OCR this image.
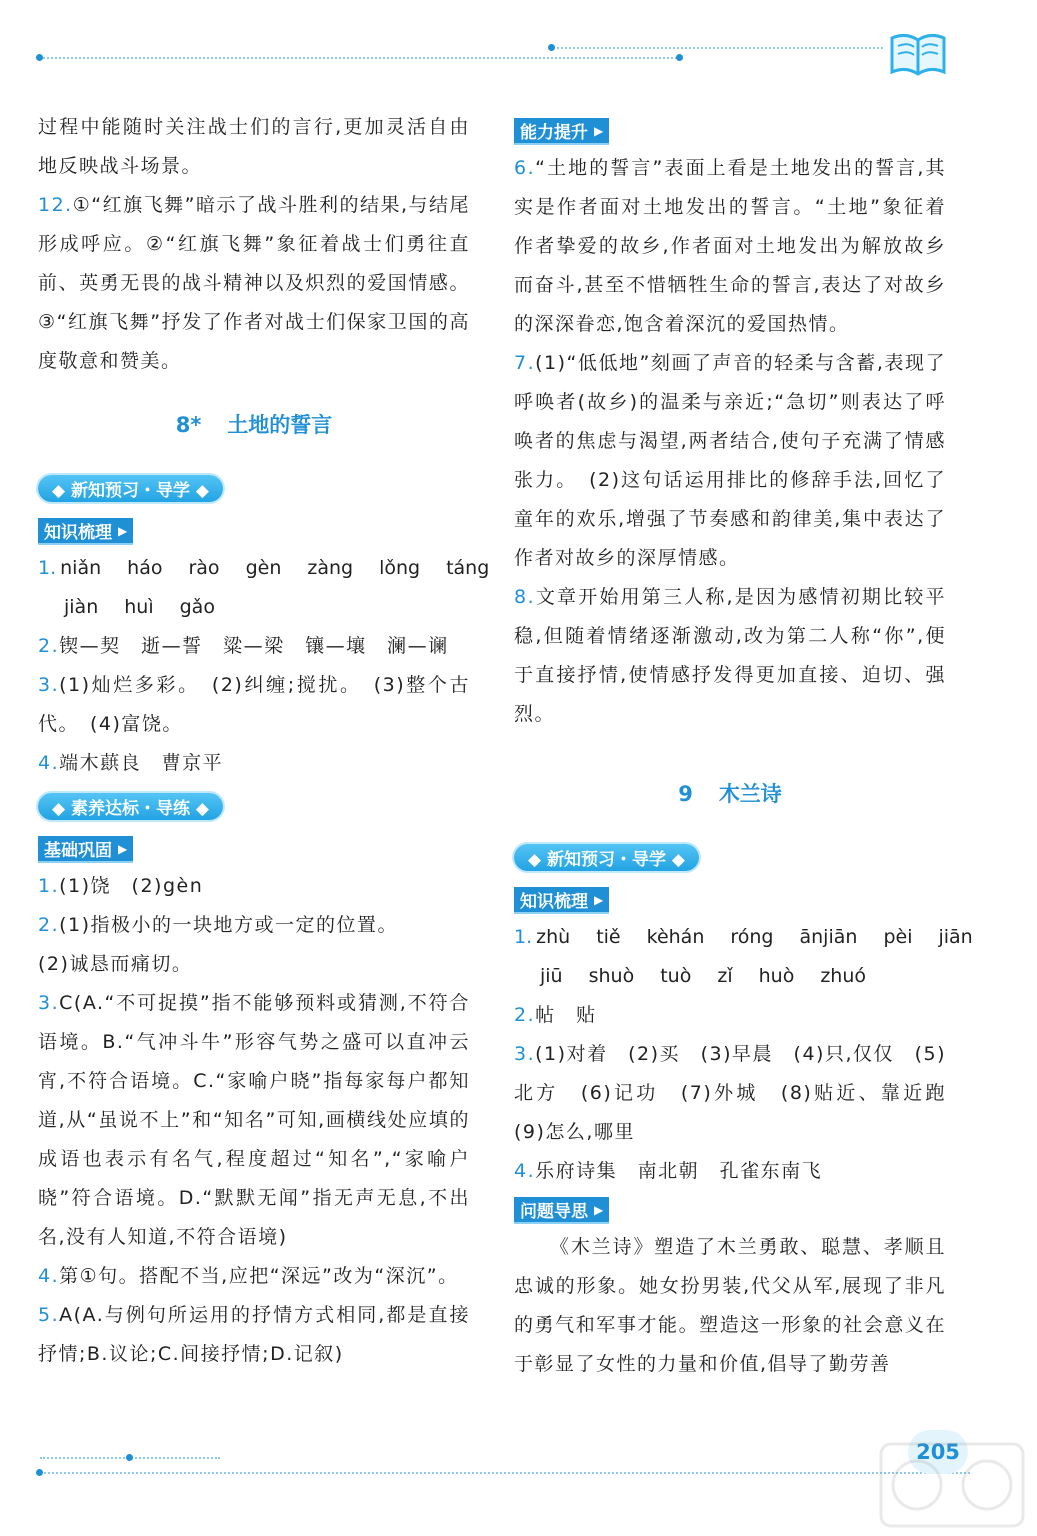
过程中能随时关注战士们的言行,更加灵活自由地反映战斗场景。

12.①“红旗飞舞”暗示了战斗胜利的结果,与结尾形成呼应。②“红旗飞舞”象征着战士们勇往直前、英勇无畏的战斗精神以及炽烈的爱国情感。③“红旗飞舞”抒发了作者对战士们保家卫国的高度敬意和赞美。

8* 土地的誓言
◆ 新知预习・导学 ◆

知识梳理 ▶
1. niǎn háo rào gèn zàng lǒng táng
jiàn huì gǎo

2.锲—契　逝—誓　粱—梁　镶—壤　澜—谰

3.(1)灿烂多彩。　(2)纠缠;搅扰。　(3)整个古代。　(4)富饶。

4.端木蕻良　曹京平

◆ 素养达标・导练 ◆

基础巩固 ▶

1.(1)饶　(2)gèn

2.(1)指极小的一块地方或一定的位置。

(2)诚恳而痛切。

3.C(A.“不可捉摸”指不能够预料或猜测,不符合语境。B.“气冲斗牛”形容气势之盛可以直冲云宵,不符合语境。C.“家喻户晓”指每家每户都知道,从“虽说不上”和“知名”可知,画横线处应填的成语也表示有名气,程度超过“知名”,“家喻户晓”符合语境。D.“默默无闻”指无声无息,不出名,没有人知道,不符合语境)

4.第①句。搭配不当,应把“深远”改为“深沉”。

5.A(A.与例句所运用的抒情方式相同,都是直接抒情;B.议论;C.间接抒情;D.记叙)

能力提升 ▶

6.“土地的誓言”表面上看是土地发出的誓言,其实是作者面对土地发出的誓言。“土地”象征着作者挚爱的故乡,作者面对土地发出为解放故乡而奋斗,甚至不惜牺牲生命的誓言,表达了对故乡的深深眷恋,饱含着深沉的爱国热情。

7.(1)“低低地”刻画了声音的轻柔与含蓄,表现了呼唤者(故乡)的温柔与亲近;“急切”则表达了呼唤者的焦虑与渴望,两者结合,使句子充满了情感张力。　(2)这句话运用排比的修辞手法,回忆了童年的欢乐,增强了节奏感和韵律美,集中表达了作者对故乡的深厚情感。

8.文章开始用第三人称,是因为感情初期比较平稳,但随着情绪逐渐激动,改为第二人称“你”,便于直接抒情,使情感抒发得更加直接、迫切、强烈。

9 木兰诗
◆ 新知预习・导学 ◆

知识梳理 ▶
1. zhù tiě kèhán róng ānjiān pèi jiān
jiū shuò tuò zǐ huò zhuó

2.帖　贴

3.(1)对着　(2)买　(3)早晨　(4)只,仅仅　(5)北方　(6)记功　(7)外城　(8)贴近、靠近跑　(9)怎么,哪里

4.乐府诗集　南北朝　孔雀东南飞

问题导思 ▶

《木兰诗》塑造了木兰勇敢、聪慧、孝顺且忠诚的形象。她女扮男装,代父从军,展现了非凡的勇气和军事才能。塑造这一形象的社会意义在于彰显了女性的力量和价值,倡导了勤劳善

205
